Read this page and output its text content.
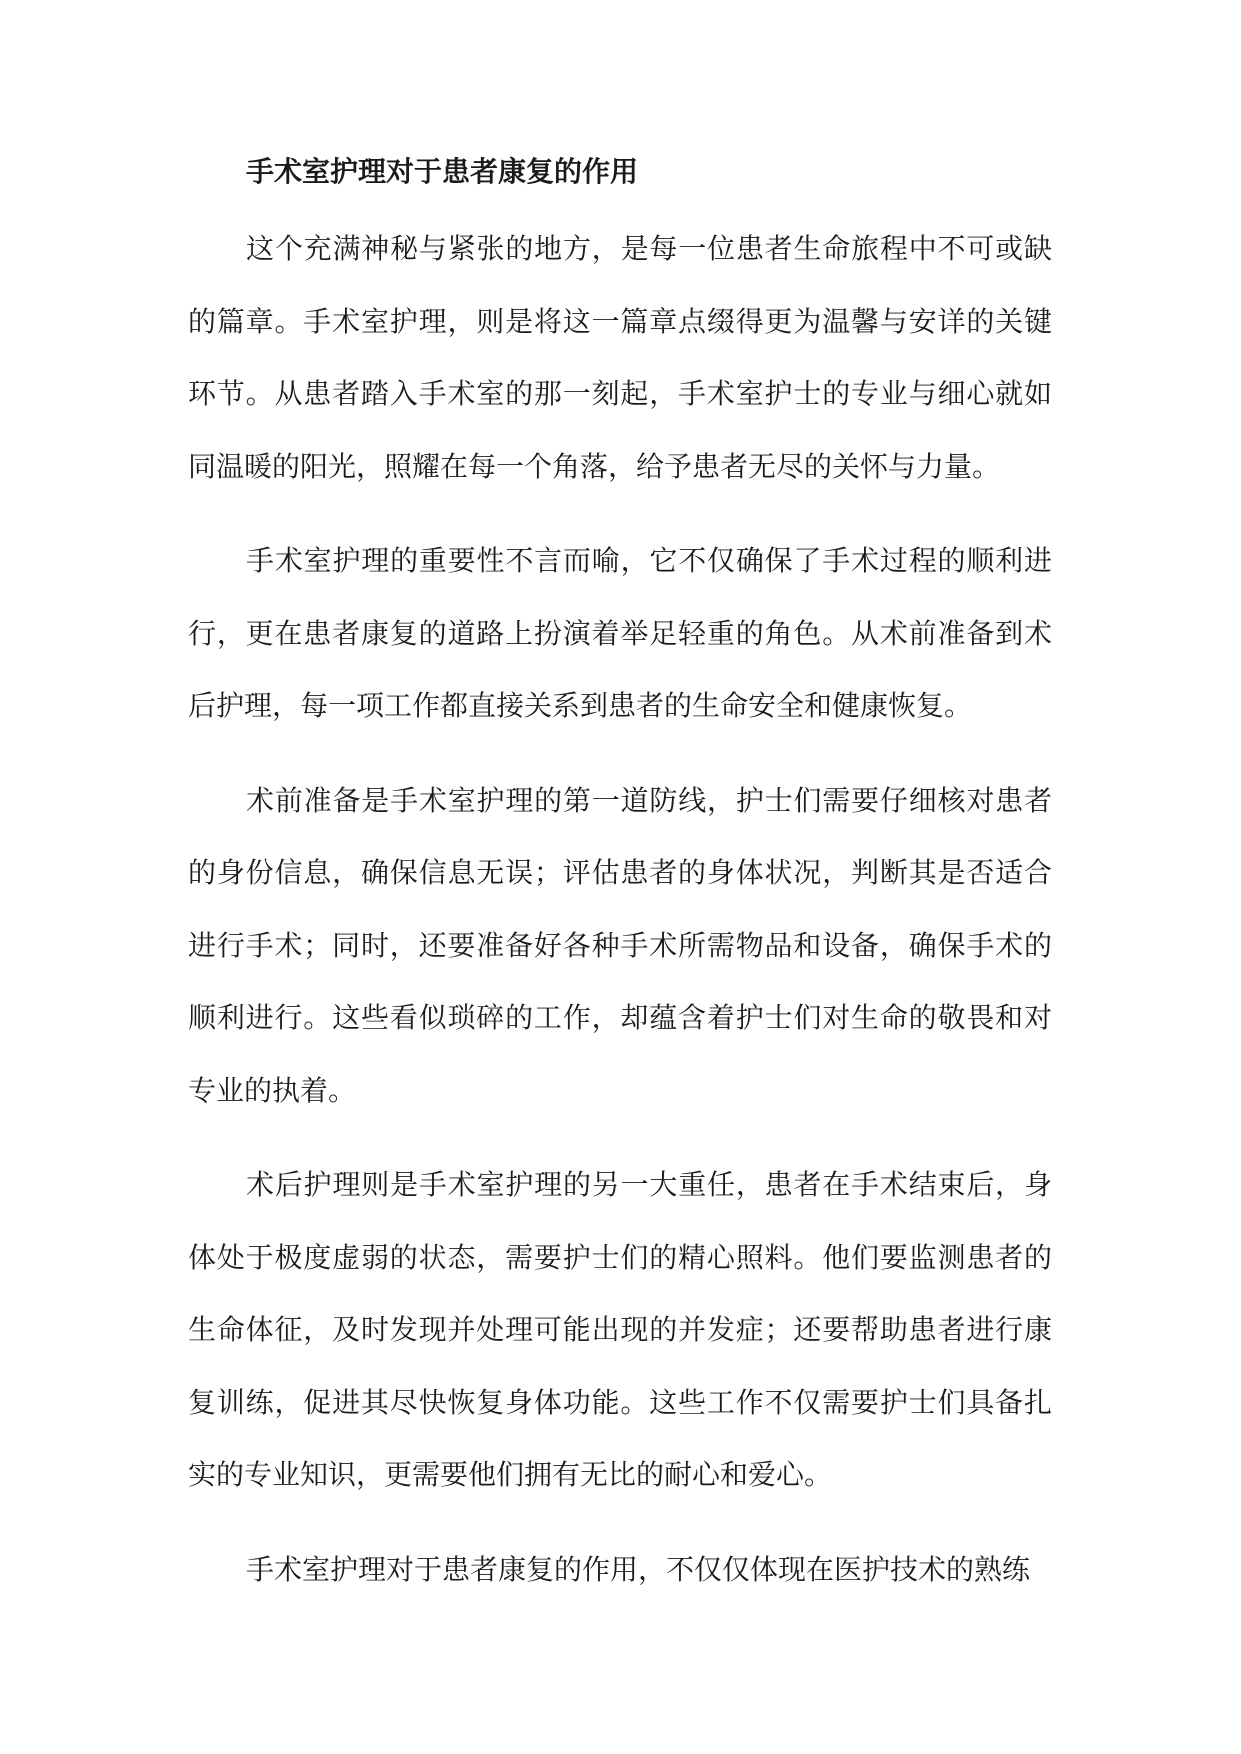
手术室护理对于患者康复的作用

这个充满神秘与紧张的地方，是每一位患者生命旅程中不可或缺的篇章。手术室护理，则是将这一篇章点缀得更为温馨与安详的关键环节。从患者踏入手术室的那一刻起，手术室护士的专业与细心就如同温暖的阳光，照耀在每一个角落，给予患者无尽的关怀与力量。

手术室护理的重要性不言而喻，它不仅确保了手术过程的顺利进行，更在患者康复的道路上扮演着举足轻重的角色。从术前准备到术后护理，每一项工作都直接关系到患者的生命安全和健康恢复。

术前准备是手术室护理的第一道防线，护士们需要仔细核对患者的身份信息，确保信息无误；评估患者的身体状况，判断其是否适合进行手术；同时，还要准备好各种手术所需物品和设备，确保手术的顺利进行。这些看似琐碎的工作，却蕴含着护士们对生命的敬畏和对专业的执着。

术后护理则是手术室护理的另一大重任，患者在手术结束后，身体处于极度虚弱的状态，需要护士们的精心照料。他们要监测患者的生命体征，及时发现并处理可能出现的并发症；还要帮助患者进行康复训练，促进其尽快恢复身体功能。这些工作不仅需要护士们具备扎实的专业知识，更需要他们拥有无比的耐心和爱心。

手术室护理对于患者康复的作用，不仅仅体现在医护技术的熟练
